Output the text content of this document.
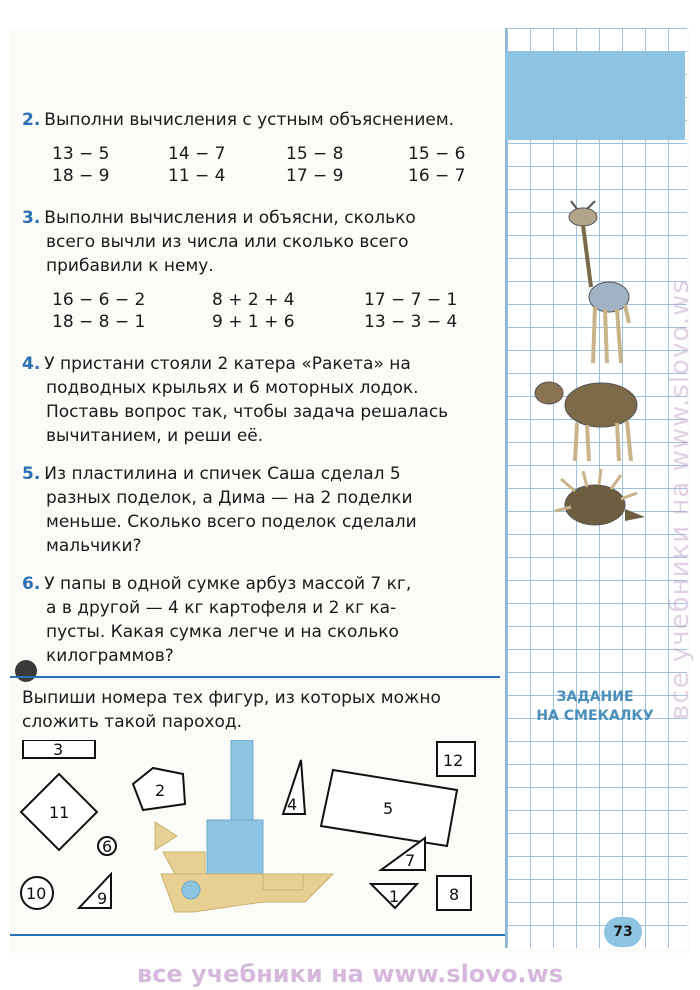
2. Выполни вычисления с устным объяснением.
13 − 5	14 − 7	15 − 8	15 − 6
18 − 9	11 − 4	17 − 9	16 − 7
3. Выполни вычисления и объясни, сколько
всего вычли из числа или сколько всего
прибавили к нему.
16 − 6 − 2	8 + 2 + 4	17 − 7 − 1
18 − 8 − 1	9 + 1 + 6	13 − 3 − 4
4. У пристани стояли 2 катера «Ракета» на
подводных крыльях и 6 моторных лодок.
Поставь вопрос так, чтобы задача решалась
вычитанием, и реши её.
5. Из пластилина и спичек Саша сделал 5
разных поделок, а Дима — на 2 поделки
меньше. Сколько всего поделок сделали
мальчики?
6. У папы в одной сумке арбуз массой 7 кг,
а в другой — 4 кг картофеля и 2 кг ка-
пусты. Какая сумка легче и на сколько
килограммов?
Выпиши номера тех фигур, из которых можно
сложить такой пароход.
3
2
4	5
12
11
6
7
10	9	1	8
ЗАДАНИЕ
НА СМЕКАЛКУ все учебники на www.slovo.ws
73
все учебники на www.slovo.ws
